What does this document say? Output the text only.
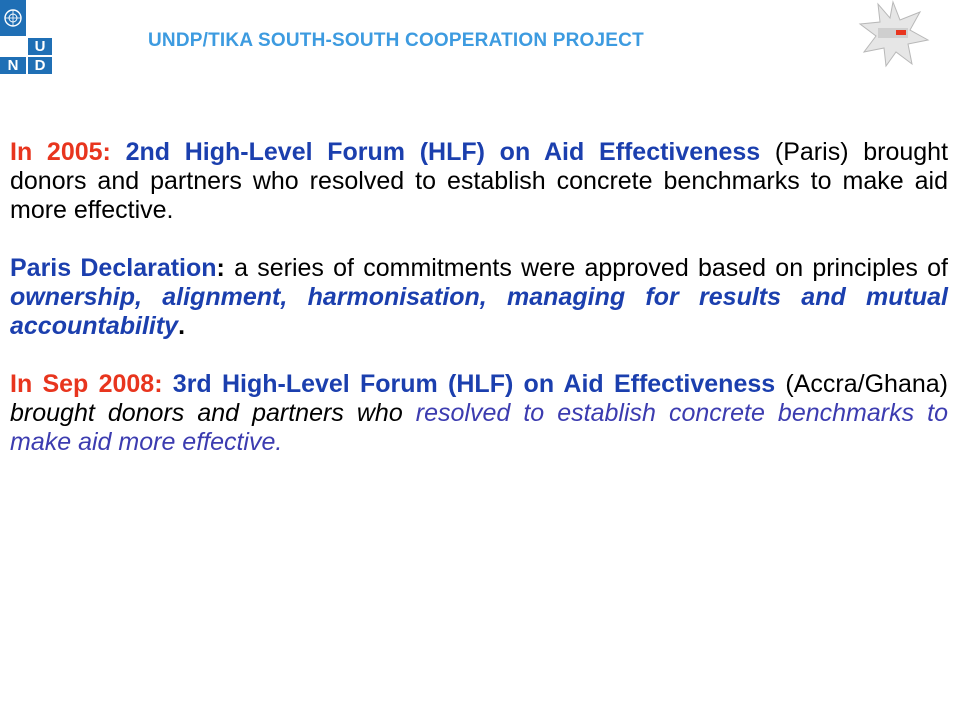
U
N	D
UNDP/TIKA SOUTH-SOUTH COOPERATION PROJECT

In 2005: 2nd High-Level Forum (HLF) on Aid Effectiveness (Paris) brought donors and partners who resolved to establish concrete benchmarks to make aid more effective.

Paris Declaration: a series of commitments were approved based on principles of ownership, alignment, harmonisation, managing for results and mutual accountability.

In Sep 2008: 3rd High-Level Forum (HLF) on Aid Effectiveness (Accra/Ghana) brought donors and partners who resolved to establish concrete benchmarks to make aid more effective.
